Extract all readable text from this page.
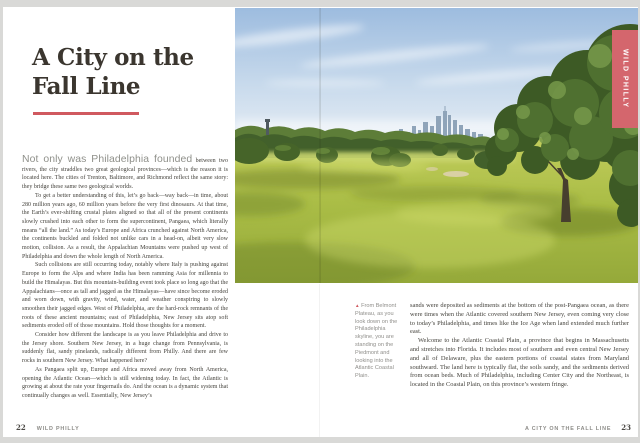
A City on the
Fall Line

Not only was Philadelphia founded between two rivers, the city straddles two great geological provinces—which is the reason it is located here. The cities of Trenton, Baltimore, and Richmond reflect the same story: they bridge these same two geological worlds.

To get a better understanding of this, let’s go back—way back—in time, about 280 million years ago, 60 million years before the very first dinosaurs. At that time, the Earth’s ever-shifting crustal plates aligned so that all of the present continents slowly crushed into each other to form the supercontinent, Pangaea, which literally means “all the land.” As today’s Europe and Africa crunched against North America, the continents buckled and folded not unlike cars in a head-on, albeit very slow motion, collision. As a result, the Appalachian Mountains were pushed up west of Philadelphia and down the whole length of North America.

Such collisions are still occurring today, notably where Italy is pushing against Europe to form the Alps and where India has been ramming Asia for millennia to build the Himalayas. But this mountain-building event took place so long ago that the Appalachians—once as tall and jagged as the Himalayas—have since become eroded and worn down, with gravity, wind, water, and weather conspiring to slowly smoothen their jagged edges. West of Philadelphia, are the hard-rock remnants of the roots of these ancient mountains; east of Philadelphia, New Jersey sits atop soft sediments eroded off of those mountains. Hold those thoughts for a moment.

Consider how different the landscape is as you leave Philadelphia and drive to the Jersey shore. Southern New Jersey, in a huge change from Pennsylvania, is suddenly flat, sandy pinelands, radically different from Philly. And there are few rocks in southern New Jersey. What happened here?

As Pangaea split up, Europe and Africa moved away from North America, opening the Atlantic Ocean—which is still widening today. In fact, the Atlantic is growing at about the rate your fingernails do. And the ocean is a dynamic system that continually changes as well. Essentially, New Jersey’s

22 WILD PHILLY
WILD PHILLY
▲ From Belmont Plateau, as you look down on the Philadelphia skyline, you are standing on the Piedmont and looking into the Atlantic Coastal Plain.

sands were deposited as sediments at the bottom of the post-Pangaea ocean, as there were times when the Atlantic covered southern New Jersey, even coming very close to today’s Philadelphia, and times like the Ice Age when land extended much further east.

Welcome to the Atlantic Coastal Plain, a province that begins in Massachusetts and stretches into Florida. It includes most of southern and even central New Jersey and all of Delaware, plus the eastern portions of coastal states from Maryland southward. The land here is typically flat, the soils sandy, and the sediments derived from ocean beds. Much of Philadelphia, including Center City and the Northeast, is located in the Coastal Plain, on this province’s western fringe.

A CITY ON THE FALL LINE 23
